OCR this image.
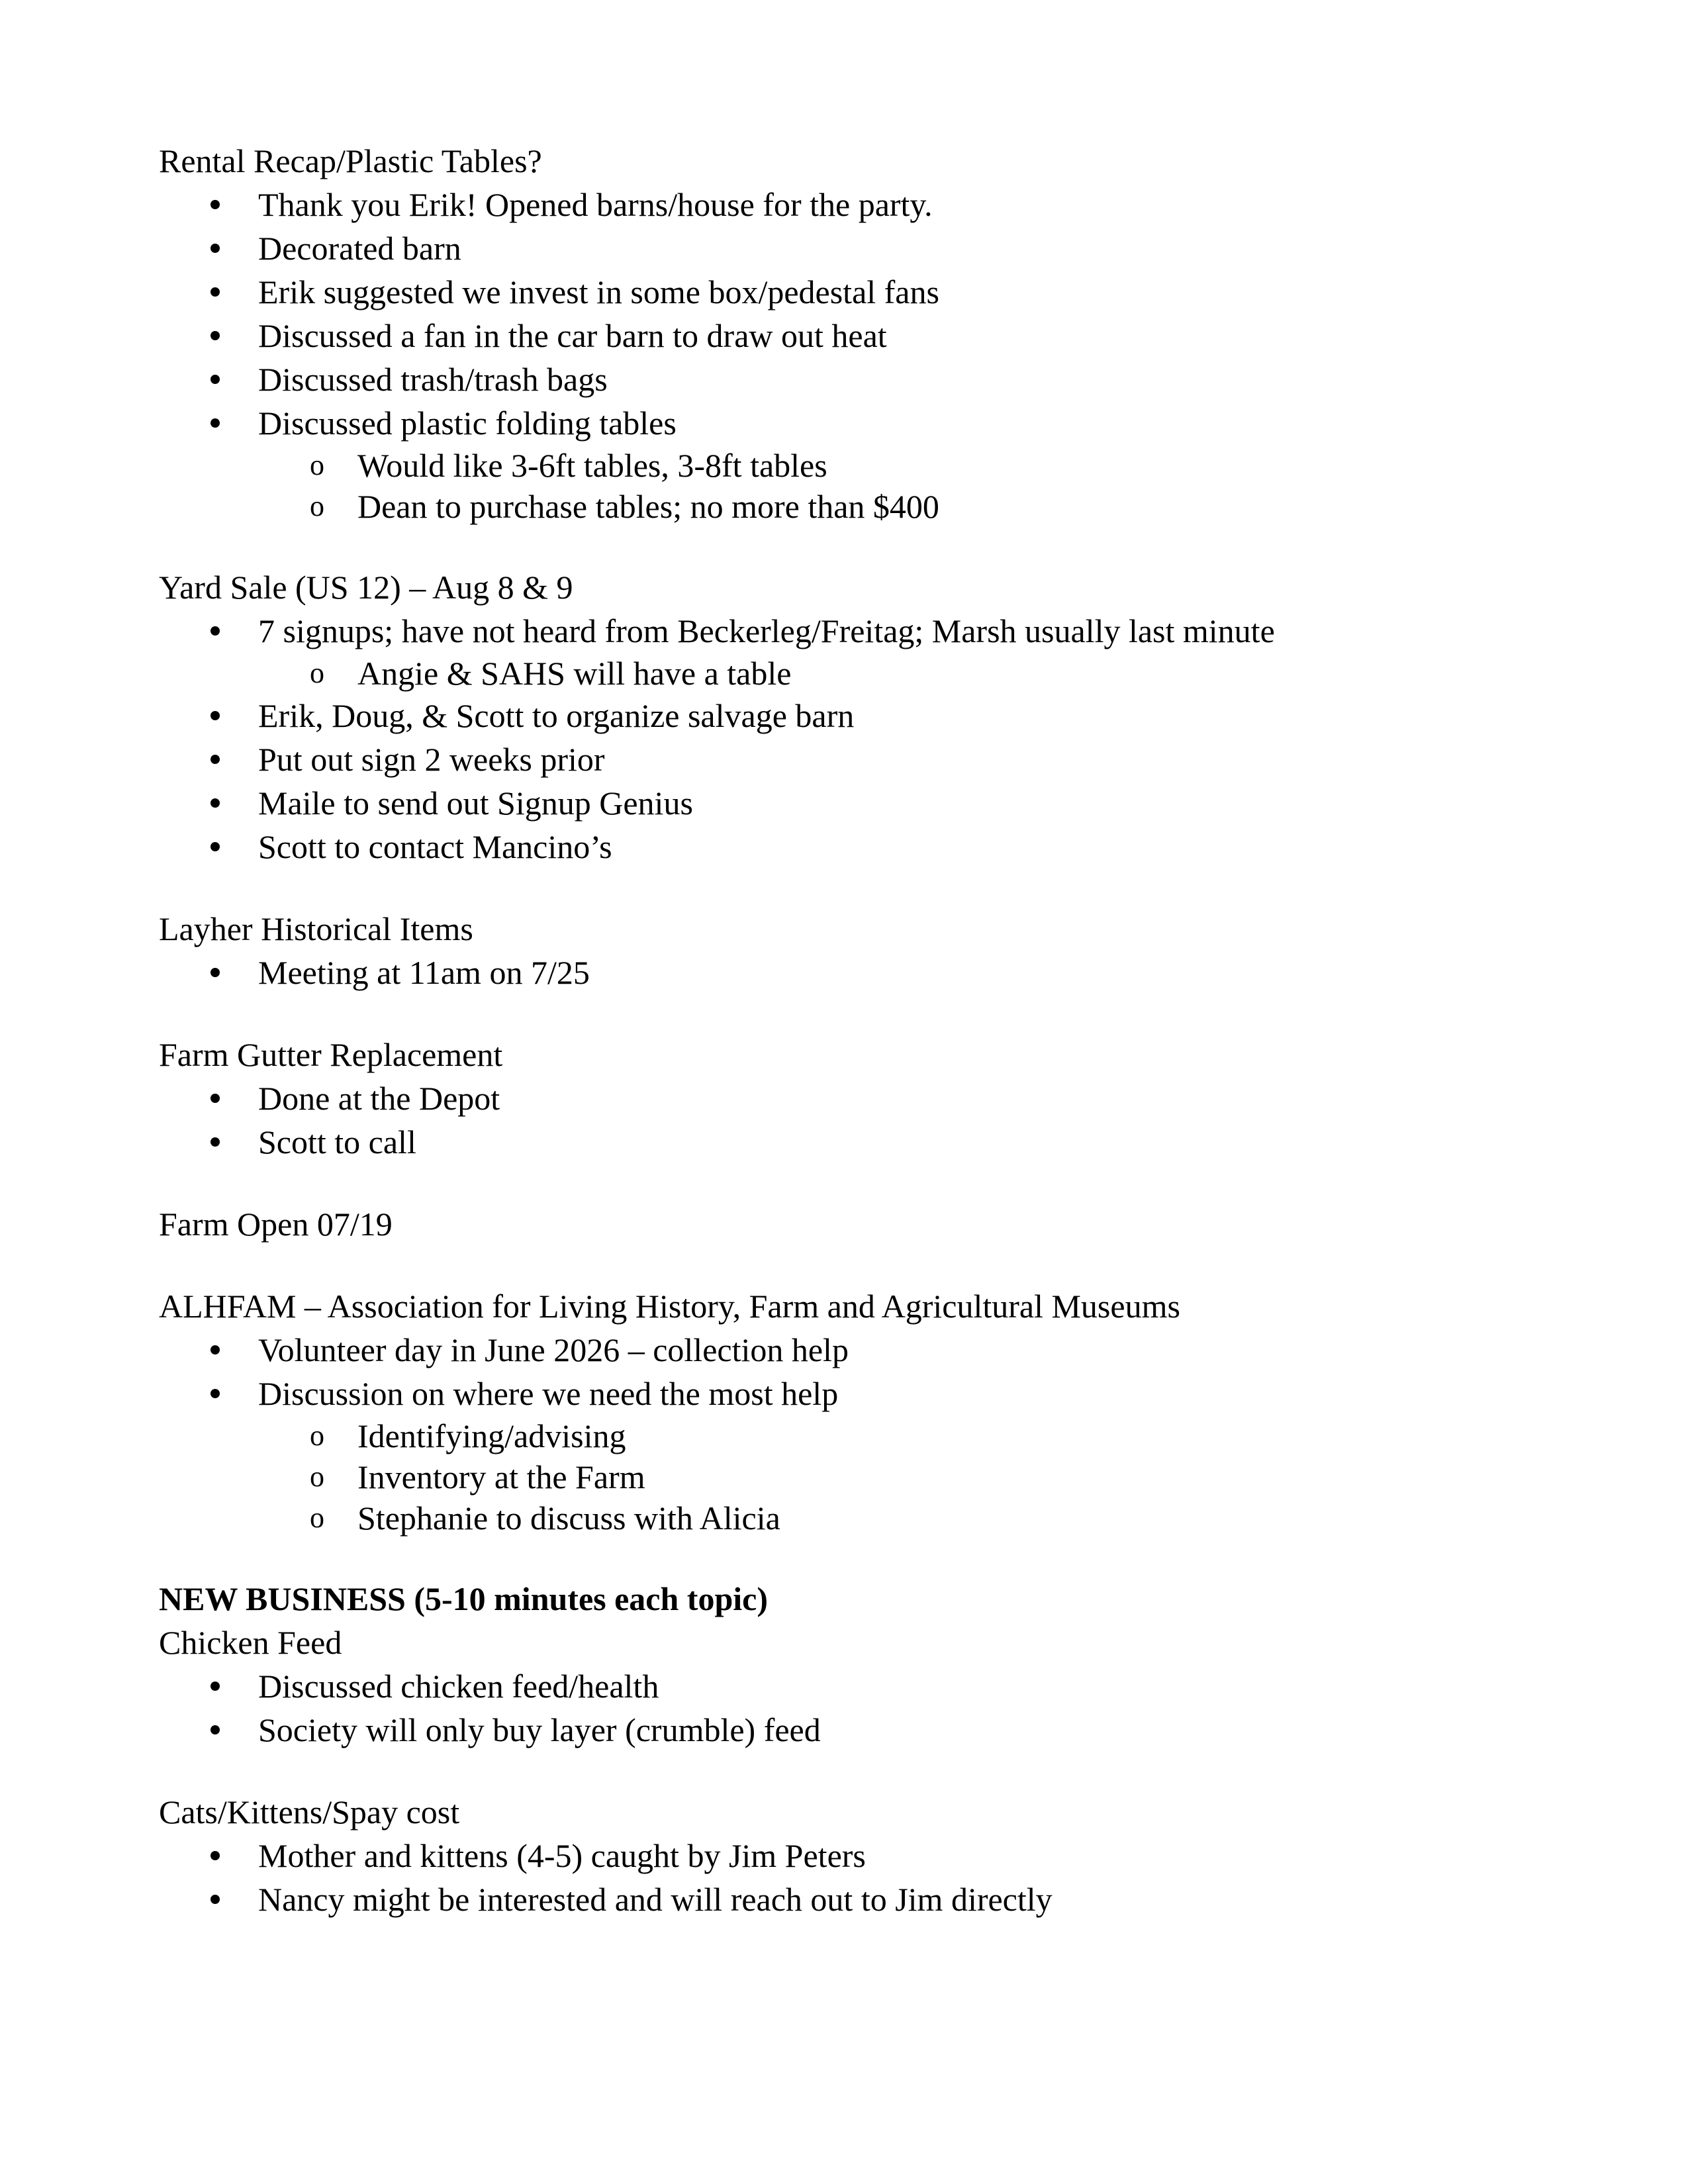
Rental Recap/Plastic Tables?
Thank you Erik! Opened barns/house for the party.
Decorated barn
Erik suggested we invest in some box/pedestal fans
Discussed a fan in the car barn to draw out heat
Discussed trash/trash bags
Discussed plastic folding tables
o Would like 3-6ft tables, 3-8ft tables
o Dean to purchase tables; no more than $400
Yard Sale (US 12) – Aug 8 & 9
7 signups; have not heard from Beckerleg/Freitag; Marsh usually last minute
o Angie & SAHS will have a table
Erik, Doug, & Scott to organize salvage barn
Put out sign 2 weeks prior
Maile to send out Signup Genius
Scott to contact Mancino’s
Layher Historical Items
Meeting at 11am on 7/25
Farm Gutter Replacement
Done at the Depot
Scott to call
Farm Open 07/19
ALHFAM – Association for Living History, Farm and Agricultural Museums
Volunteer day in June 2026 – collection help
Discussion on where we need the most help
o Identifying/advising
o Inventory at the Farm
o Stephanie to discuss with Alicia
NEW BUSINESS (5-10 minutes each topic)
Chicken Feed
Discussed chicken feed/health
Society will only buy layer (crumble) feed
Cats/Kittens/Spay cost
Mother and kittens (4-5) caught by Jim Peters
Nancy might be interested and will reach out to Jim directly
